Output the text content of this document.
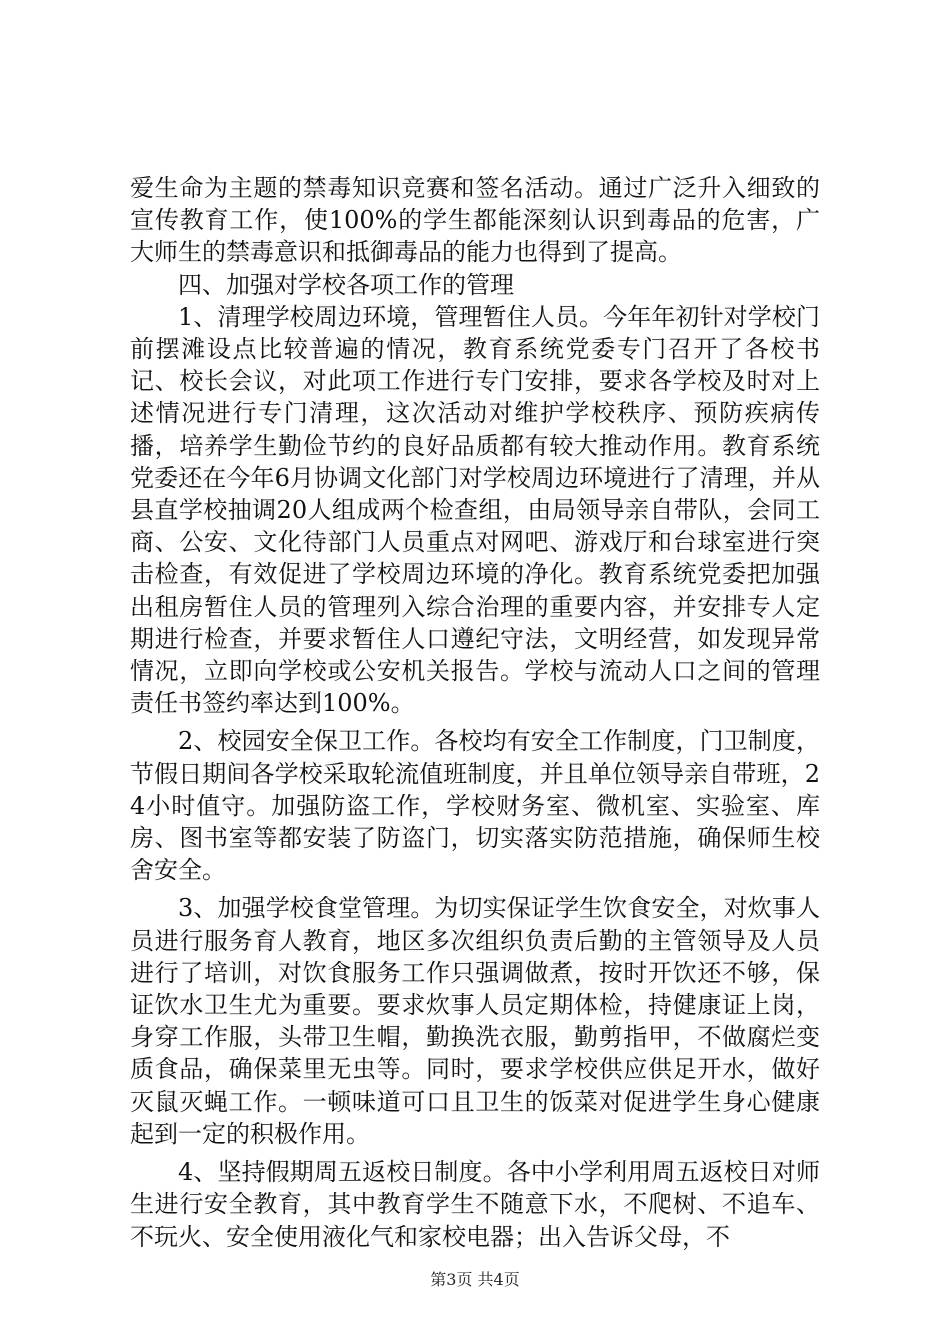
爱生命为主题的禁毒知识竞赛和签名活动。通过广泛升入细致的宣传教育工作，使100%的学生都能深刻认识到毒品的危害，广大师生的禁毒意识和抵御毒品的能力也得到了提高。

四、加强对学校各项工作的管理

1、清理学校周边环境，管理暂住人员。今年年初针对学校门前摆滩设点比较普遍的情况，教育系统党委专门召开了各校书记、校长会议，对此项工作进行专门安排，要求各学校及时对上述情况进行专门清理，这次活动对维护学校秩序、预防疾病传播，培养学生勤俭节约的良好品质都有较大推动作用。教育系统党委还在今年6月协调文化部门对学校周边环境进行了清理，并从县直学校抽调20人组成两个检查组，由局领导亲自带队，会同工商、公安、文化待部门人员重点对网吧、游戏厅和台球室进行突击检查，有效促进了学校周边环境的净化。教育系统党委把加强出租房暂住人员的管理列入综合治理的重要内容，并安排专人定期进行检查，并要求暂住人口遵纪守法，文明经营，如发现异常情况，立即向学校或公安机关报告。学校与流动人口之间的管理责任书签约率达到100%。

2、校园安全保卫工作。各校均有安全工作制度，门卫制度，节假日期间各学校采取轮流值班制度，并且单位领导亲自带班，24小时值守。加强防盗工作，学校财务室、微机室、实验室、库房、图书室等都安装了防盗门，切实落实防范措施，确保师生校舍安全。

3、加强学校食堂管理。为切实保证学生饮食安全，对炊事人员进行服务育人教育，地区多次组织负责后勤的主管领导及人员进行了培训，对饮食服务工作只强调做煮，按时开饮还不够，保证饮水卫生尤为重要。要求炊事人员定期体检，持健康证上岗，身穿工作服，头带卫生帽，勤换洗衣服，勤剪指甲，不做腐烂变质食品，确保菜里无虫等。同时，要求学校供应供足开水，做好灭鼠灭蝇工作。一顿味道可口且卫生的饭菜对促进学生身心健康起到一定的积极作用。

4、坚持假期周五返校日制度。各中小学利用周五返校日对师生进行安全教育，其中教育学生不随意下水，不爬树、不追车、不玩火、安全使用液化气和家校电器；出入告诉父母，不

第3页 共4页
